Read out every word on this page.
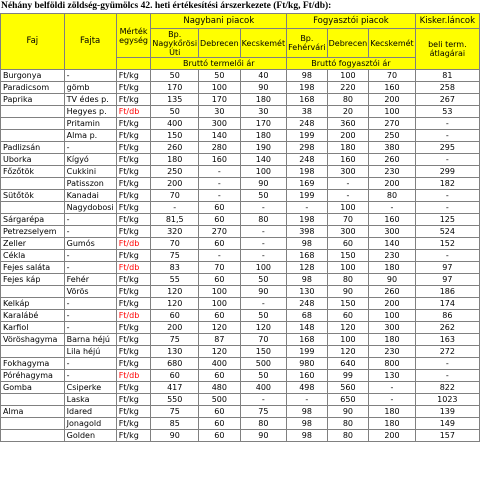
Néhány belföldi zöldség-gyümölcs 42. heti értékesítési árszerkezete (Ft/kg, Ft/db):
Faj	Fajta	Mérték egység	Nagybani piacok			Fogyasztói piacok			Kisker.láncok
			Bp. Nagykőrösi Úti	Debrecen	Kecskemét	Bp. Fehérvári	Debrecen	Kecskemét	beli term. átlagárai
			Bruttó termelői ár			Bruttó fogyasztói ár			
Burgonya	-	Ft/kg	50	50	40	98	100	70	81
Paradicsom	gömb	Ft/kg	170	100	90	198	220	160	258
Paprika	TV édes p.	Ft/kg	135	170	180	168	80	200	267
	Hegyes p.	Ft/db	50	30	30	38	20	100	53
	Pritamin	Ft/kg	400	300	170	248	360	270	-
	Alma p.	Ft/kg	150	140	180	199	200	250	-
Padlizsán	-	Ft/kg	260	280	190	298	180	380	295
Uborka	Kígyó	Ft/kg	180	160	140	248	160	260	-
Főzőtök	Cukkini	Ft/kg	250	-	100	198	300	230	299
	Patisszon	Ft/kg	200	-	90	169	-	200	182
Sütőtök	Kanadai	Ft/kg	70	-	50	199	-	80	-
	Nagydobosi	Ft/kg	-	60	-	-	100	-	-
Sárgarépa	-	Ft/kg	81,5	60	80	198	70	160	125
Petrezselyem	-	Ft/kg	320	270	-	398	300	300	524
Zeller	Gumós	Ft/db	70	60	-	98	60	140	152
Cékla	-	Ft/kg	75	-	-	168	150	230	-
Fejes saláta	-	Ft/db	83	70	100	128	100	180	97
Fejes káp	Fehér	Ft/kg	55	60	50	98	80	90	97
	Vörös	Ft/kg	120	100	90	130	90	260	186
Kelkáp	-	Ft/kg	120	100	-	248	150	200	174
Karalábé	-	Ft/db	60	60	50	68	60	100	86
Karfiol	-	Ft/kg	200	120	120	148	120	300	262
Vöröshagyma	Barna héjú	Ft/kg	75	87	70	168	100	180	163
	Lila héjú	Ft/kg	130	120	150	199	120	230	272
Fokhagyma	-	Ft/kg	680	400	500	980	640	800	-
Póréhagyma	-	Ft/db	60	60	50	160	99	130	-
Gomba	Csiperke	Ft/kg	417	480	400	498	560	-	822
	Laska	Ft/kg	550	500	-	-	650	-	1023
Alma	Idared	Ft/kg	75	60	75	98	90	180	139
	Jonagold	Ft/kg	85	60	80	98	80	180	149
	Golden	Ft/kg	90	60	90	98	80	200	157
